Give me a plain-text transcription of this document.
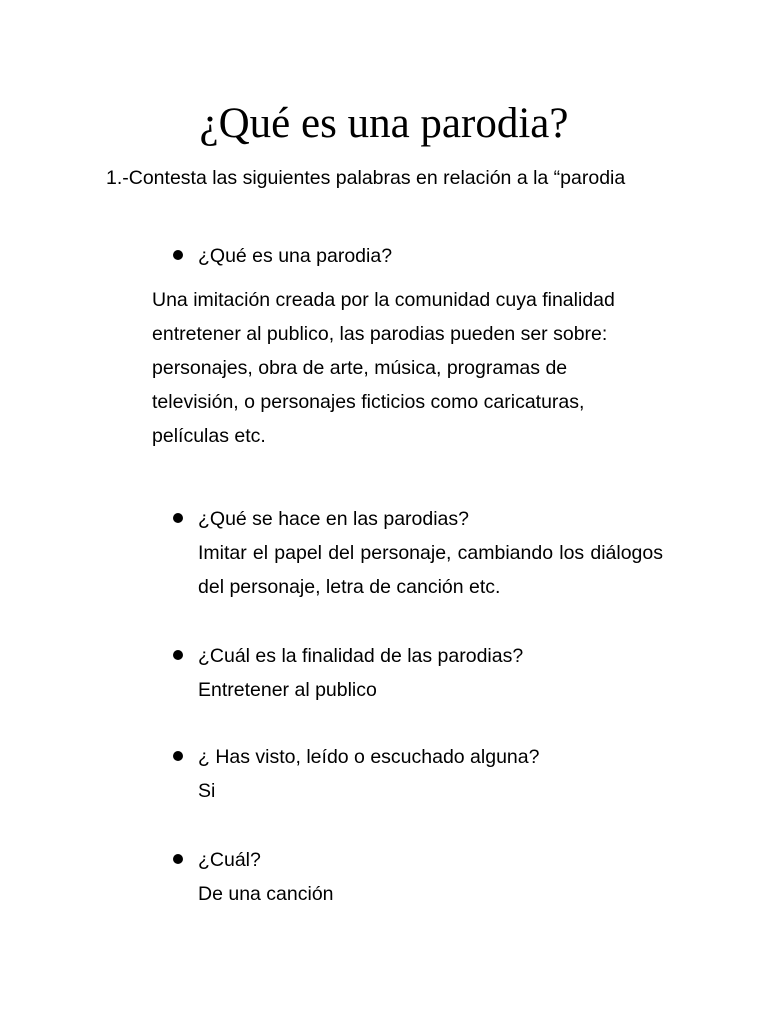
¿Qué es una parodia?

1.-Contesta las siguientes palabras en relación a la “parodia

¿Qué es una parodia?

Una imitación creada por la comunidad cuya finalidad entretener al publico, las parodias pueden ser sobre: personajes, obra de arte, música, programas de televisión, o personajes ficticios como caricaturas, películas etc.

¿Qué se hace en las parodias?
Imitar el papel del personaje, cambiando los diálogos del personaje, letra de canción etc.
¿Cuál es la finalidad de las parodias?
Entretener al publico
¿ Has visto, leído o escuchado alguna?
Si
¿Cuál?
De una canción
